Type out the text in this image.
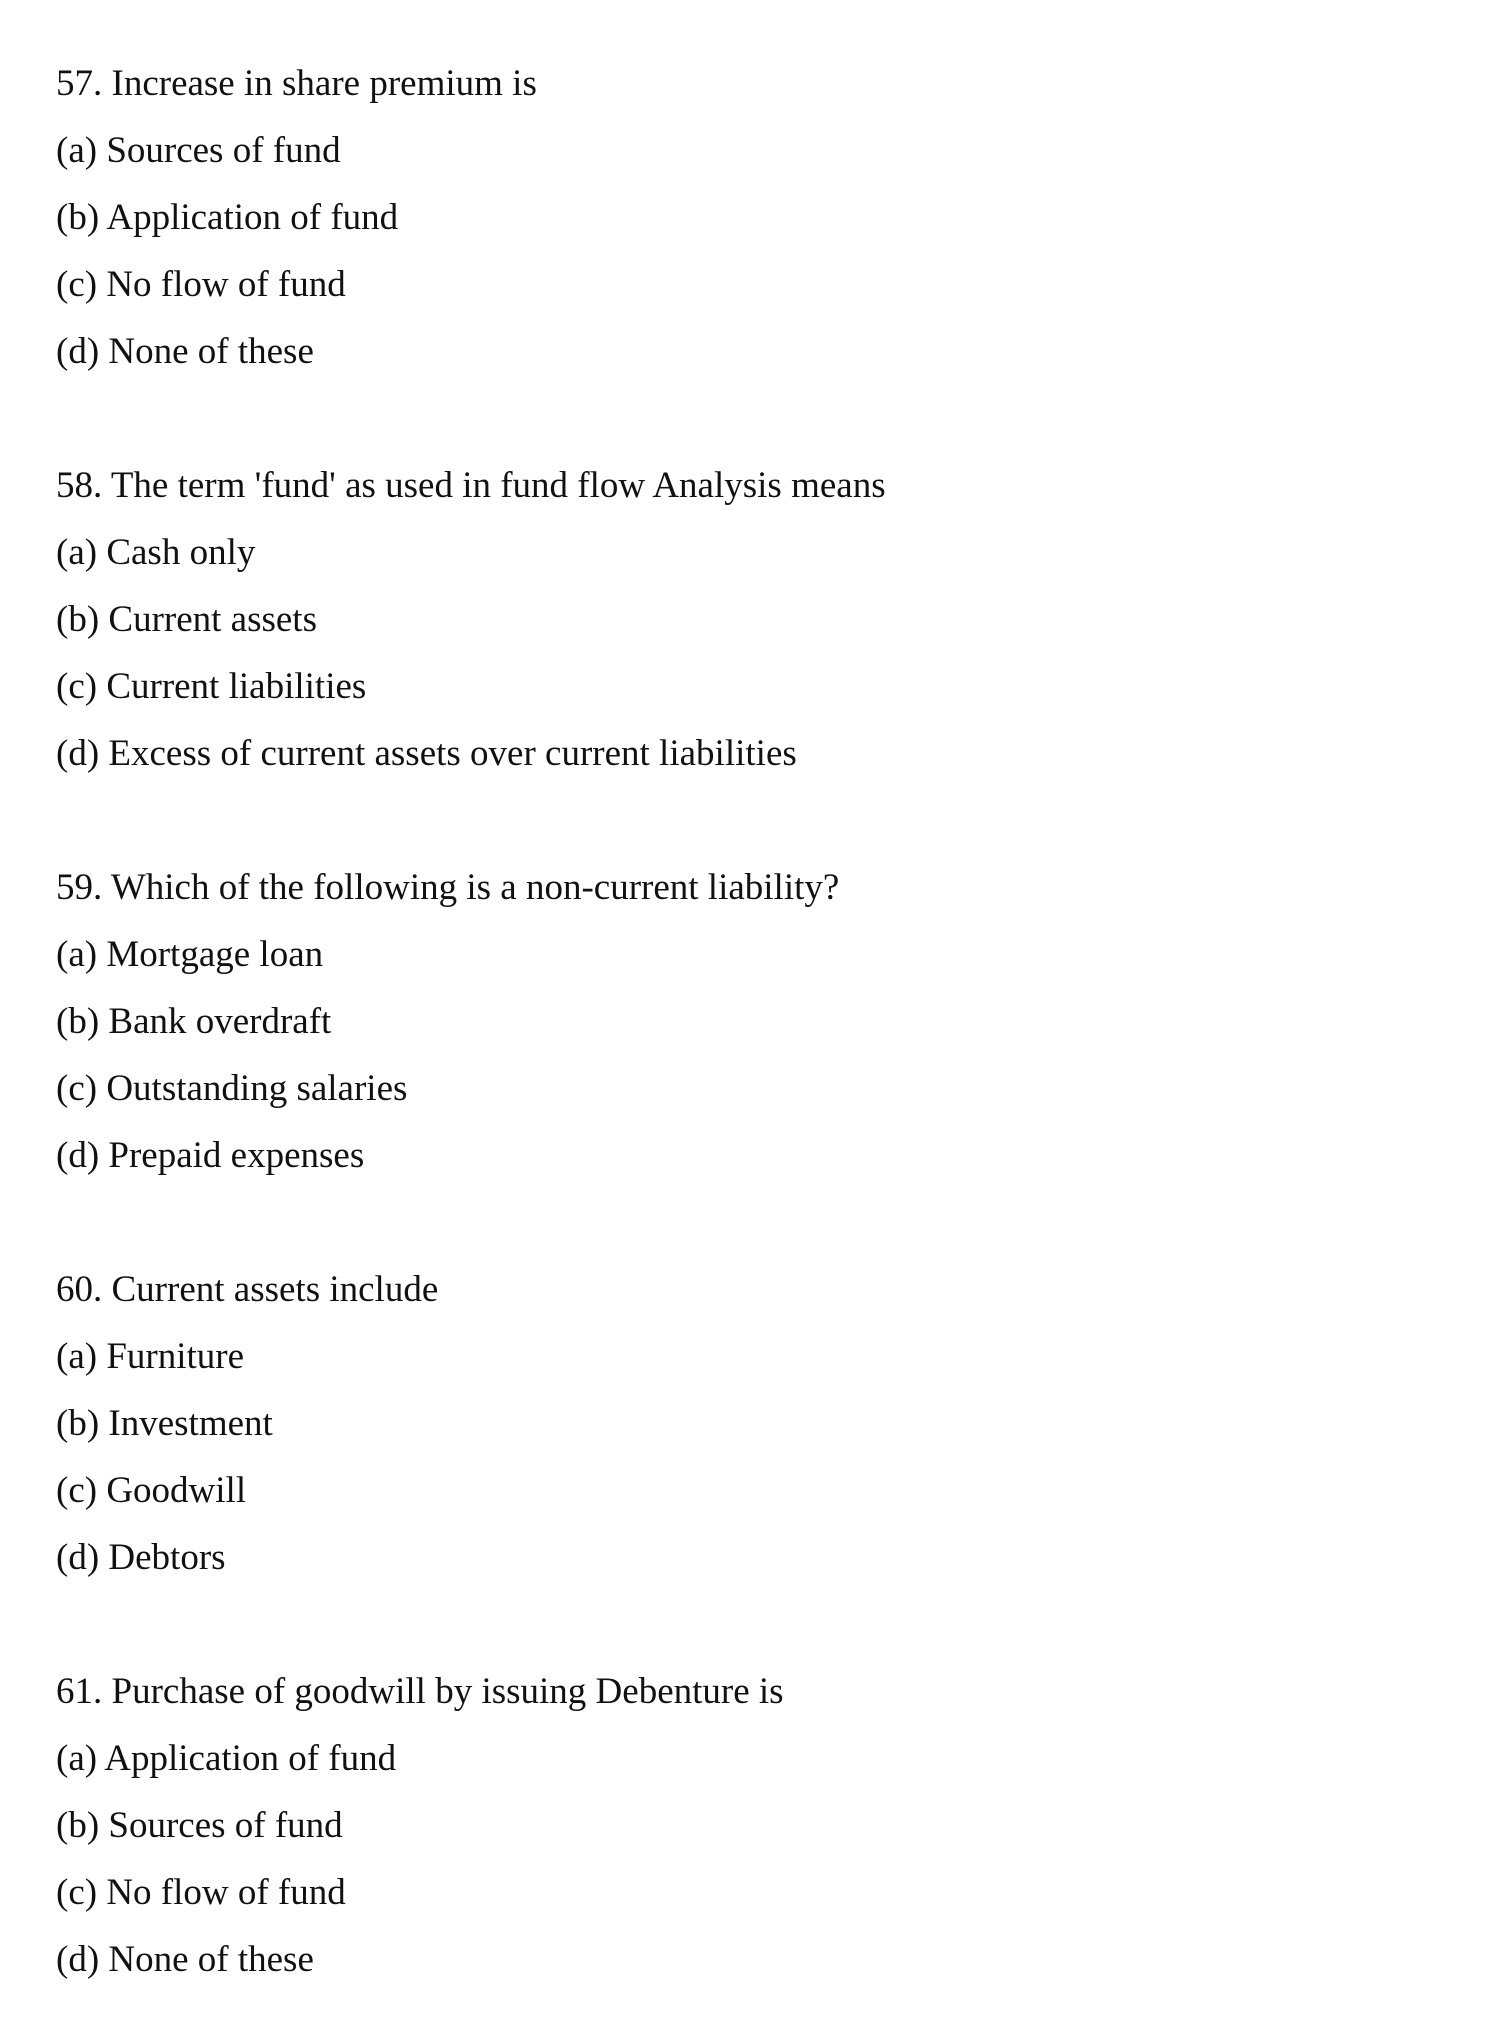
57. Increase in share premium is
(a) Sources of fund
(b) Application of fund
(c) No flow of fund
(d) None of these
58. The term 'fund' as used in fund flow Analysis means
(a) Cash only
(b) Current assets
(c) Current liabilities
(d) Excess of current assets over current liabilities
59. Which of the following is a non-current liability?
(a) Mortgage loan
(b) Bank overdraft
(c) Outstanding salaries
(d) Prepaid expenses
60. Current assets include
(a) Furniture
(b) Investment
(c) Goodwill
(d) Debtors
61. Purchase of goodwill by issuing Debenture is
(a) Application of fund
(b) Sources of fund
(c) No flow of fund
(d) None of these
